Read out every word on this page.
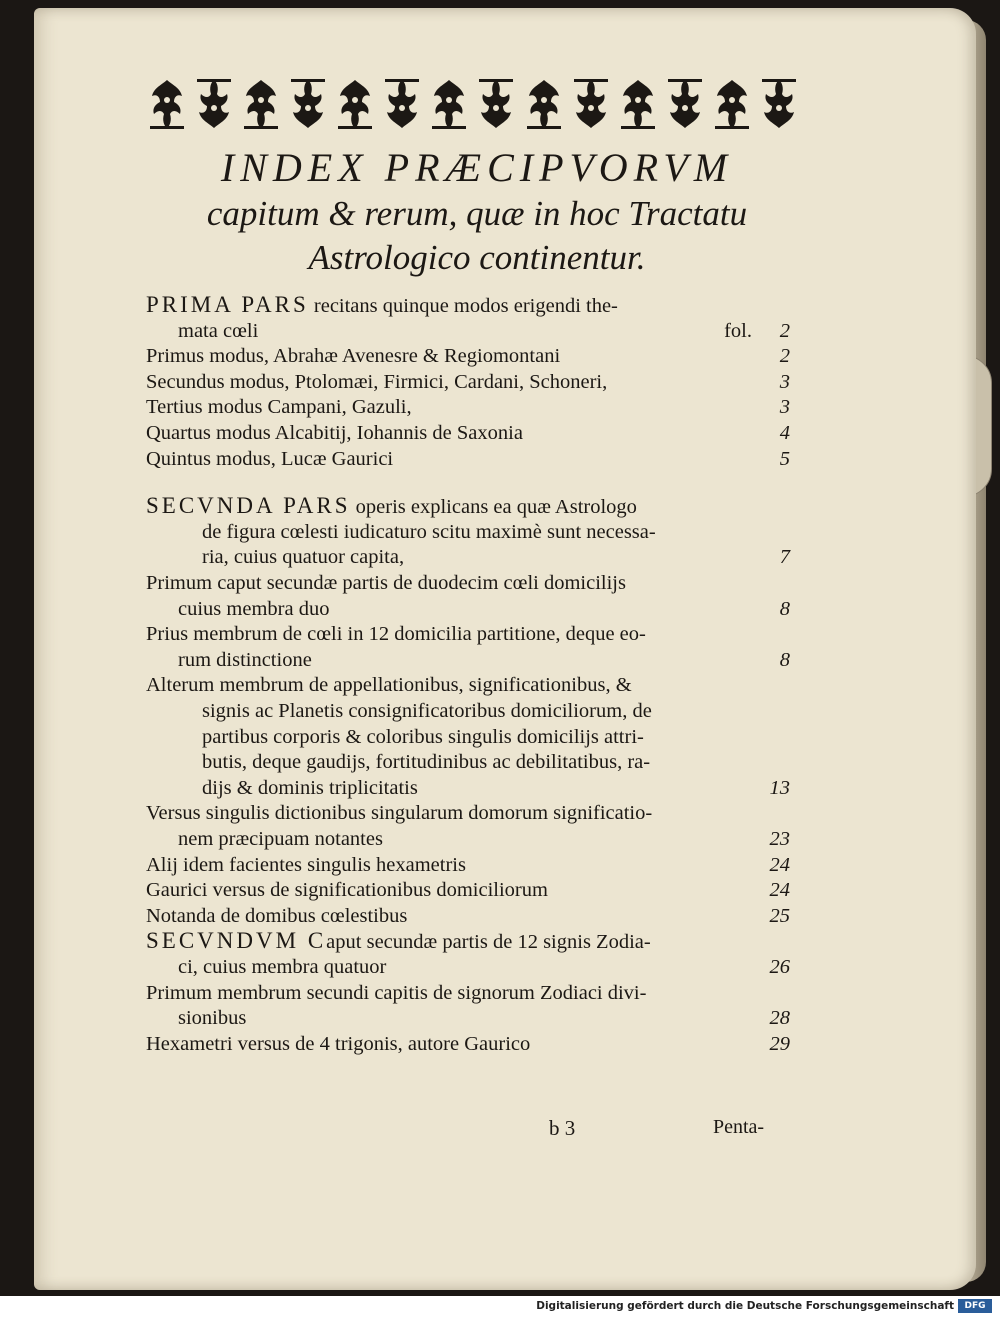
INDEX PRÆCIPVORVM
capitum & rerum, quæ in hoc Tractatu
Astrologico continentur.
PRIMA PARS recitans quinque modos erigendi the-
mata cœli	fol. 2
Primus modus, Abrahæ Avenesre & Regiomontani	2
Secundus modus, Ptolomæi, Firmici, Cardani, Schoneri,	3
Tertius modus Campani, Gazuli,	3
Quartus modus Alcabitij, Iohannis de Saxonia	4
Quintus modus, Lucæ Gaurici	5
SECVNDA PARS operis explicans ea quæ Astrologo
de figura cœlesti iudicaturo scitu maximè sunt necessa-
ria, cuius quatuor capita,	7
Primum caput secundæ partis de duodecim cœli domicilijs
cuius membra duo	8
Prius membrum de cœli in 12 domicilia partitione, deque eo-
rum distinctione	8
Alterum membrum de appellationibus, significationibus, &
signis ac Planetis consignificatoribus domiciliorum, de
partibus corporis & coloribus singulis domicilijs attri-
butis, deque gaudijs, fortitudinibus ac debilitatibus, ra-
dijs & dominis triplicitatis	13
Versus singulis dictionibus singularum domorum significatio-
nem præcipuam notantes	23
Alij idem facientes singulis hexametris	24
Gaurici versus de significationibus domiciliorum	24
Notanda de domibus cœlestibus	25
SECVNDVM Caput secundæ partis de 12 signis Zodia-
ci, cuius membra quatuor	26
Primum membrum secundi capitis de signorum Zodiaci divi-
sionibus	28
Hexametri versus de 4 trigonis, autore Gaurico	29
b 3	Penta-
Digitalisierung gefördert durch die Deutsche Forschungsgemeinschaft	DFG
